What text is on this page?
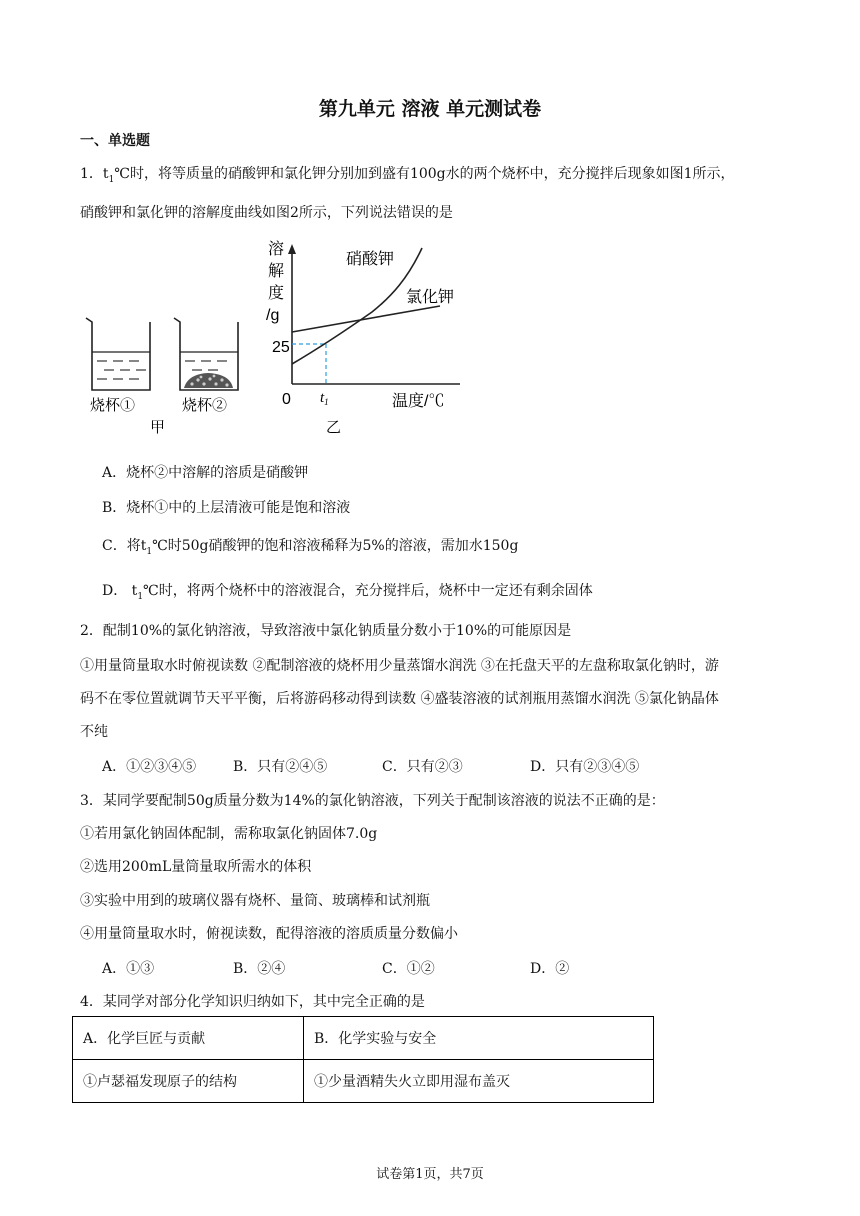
第九单元 溶液 单元测试卷
一、单选题
1．$t_1℃$时，将等质量的硝酸钾和氯化钾分别加到盛有100g水的两个烧杯中，充分搅拌后现象如图1所示，
硝酸钾和氯化钾的溶解度曲线如图2所示，下列说法错误的是
烧杯①	烧杯②
甲
溶
解
度
/g
25
0 $t_1$	温度/℃
硝酸钾
氯化钾
乙
A．烧杯②中溶解的溶质是硝酸钾
B．烧杯①中的上层清液可能是饱和溶液
C．将$t_1℃$时50g硝酸钾的饱和溶液稀释为5%的溶液，需加水150g
D． $t_1℃$时，将两个烧杯中的溶液混合，充分搅拌后，烧杯中一定还有剩余固体
2．配制10%的氯化钠溶液，导致溶液中氯化钠质量分数小于10%的可能原因是
①用量筒量取水时俯视读数 ②配制溶液的烧杯用少量蒸馏水润洗 ③在托盘天平的左盘称取氯化钠时，游
码不在零位置就调节天平平衡，后将游码移动得到读数 ④盛装溶液的试剂瓶用蒸馏水润洗 ⑤氯化钠晶体
不纯
A．①②③④⑤	B．只有②④⑤	C．只有②③	D．只有②③④⑤
3．某同学要配制50g质量分数为14%的氯化钠溶液，下列关于配制该溶液的说法不正确的是：
①若用氯化钠固体配制，需称取氯化钠固体7.0g
②选用200mL量筒量取所需水的体积
③实验中用到的玻璃仪器有烧杯、量筒、玻璃棒和试剂瓶
④用量筒量取水时，俯视读数，配得溶液的溶质质量分数偏小
A．①③	B．②④	C．①②	D．②
4．某同学对部分化学知识归纳如下，其中完全正确的是
A．化学巨匠与贡献	B．化学实验与安全
①卢瑟福发现原子的结构	①少量酒精失火立即用湿布盖灭
试卷第1页，共7页
